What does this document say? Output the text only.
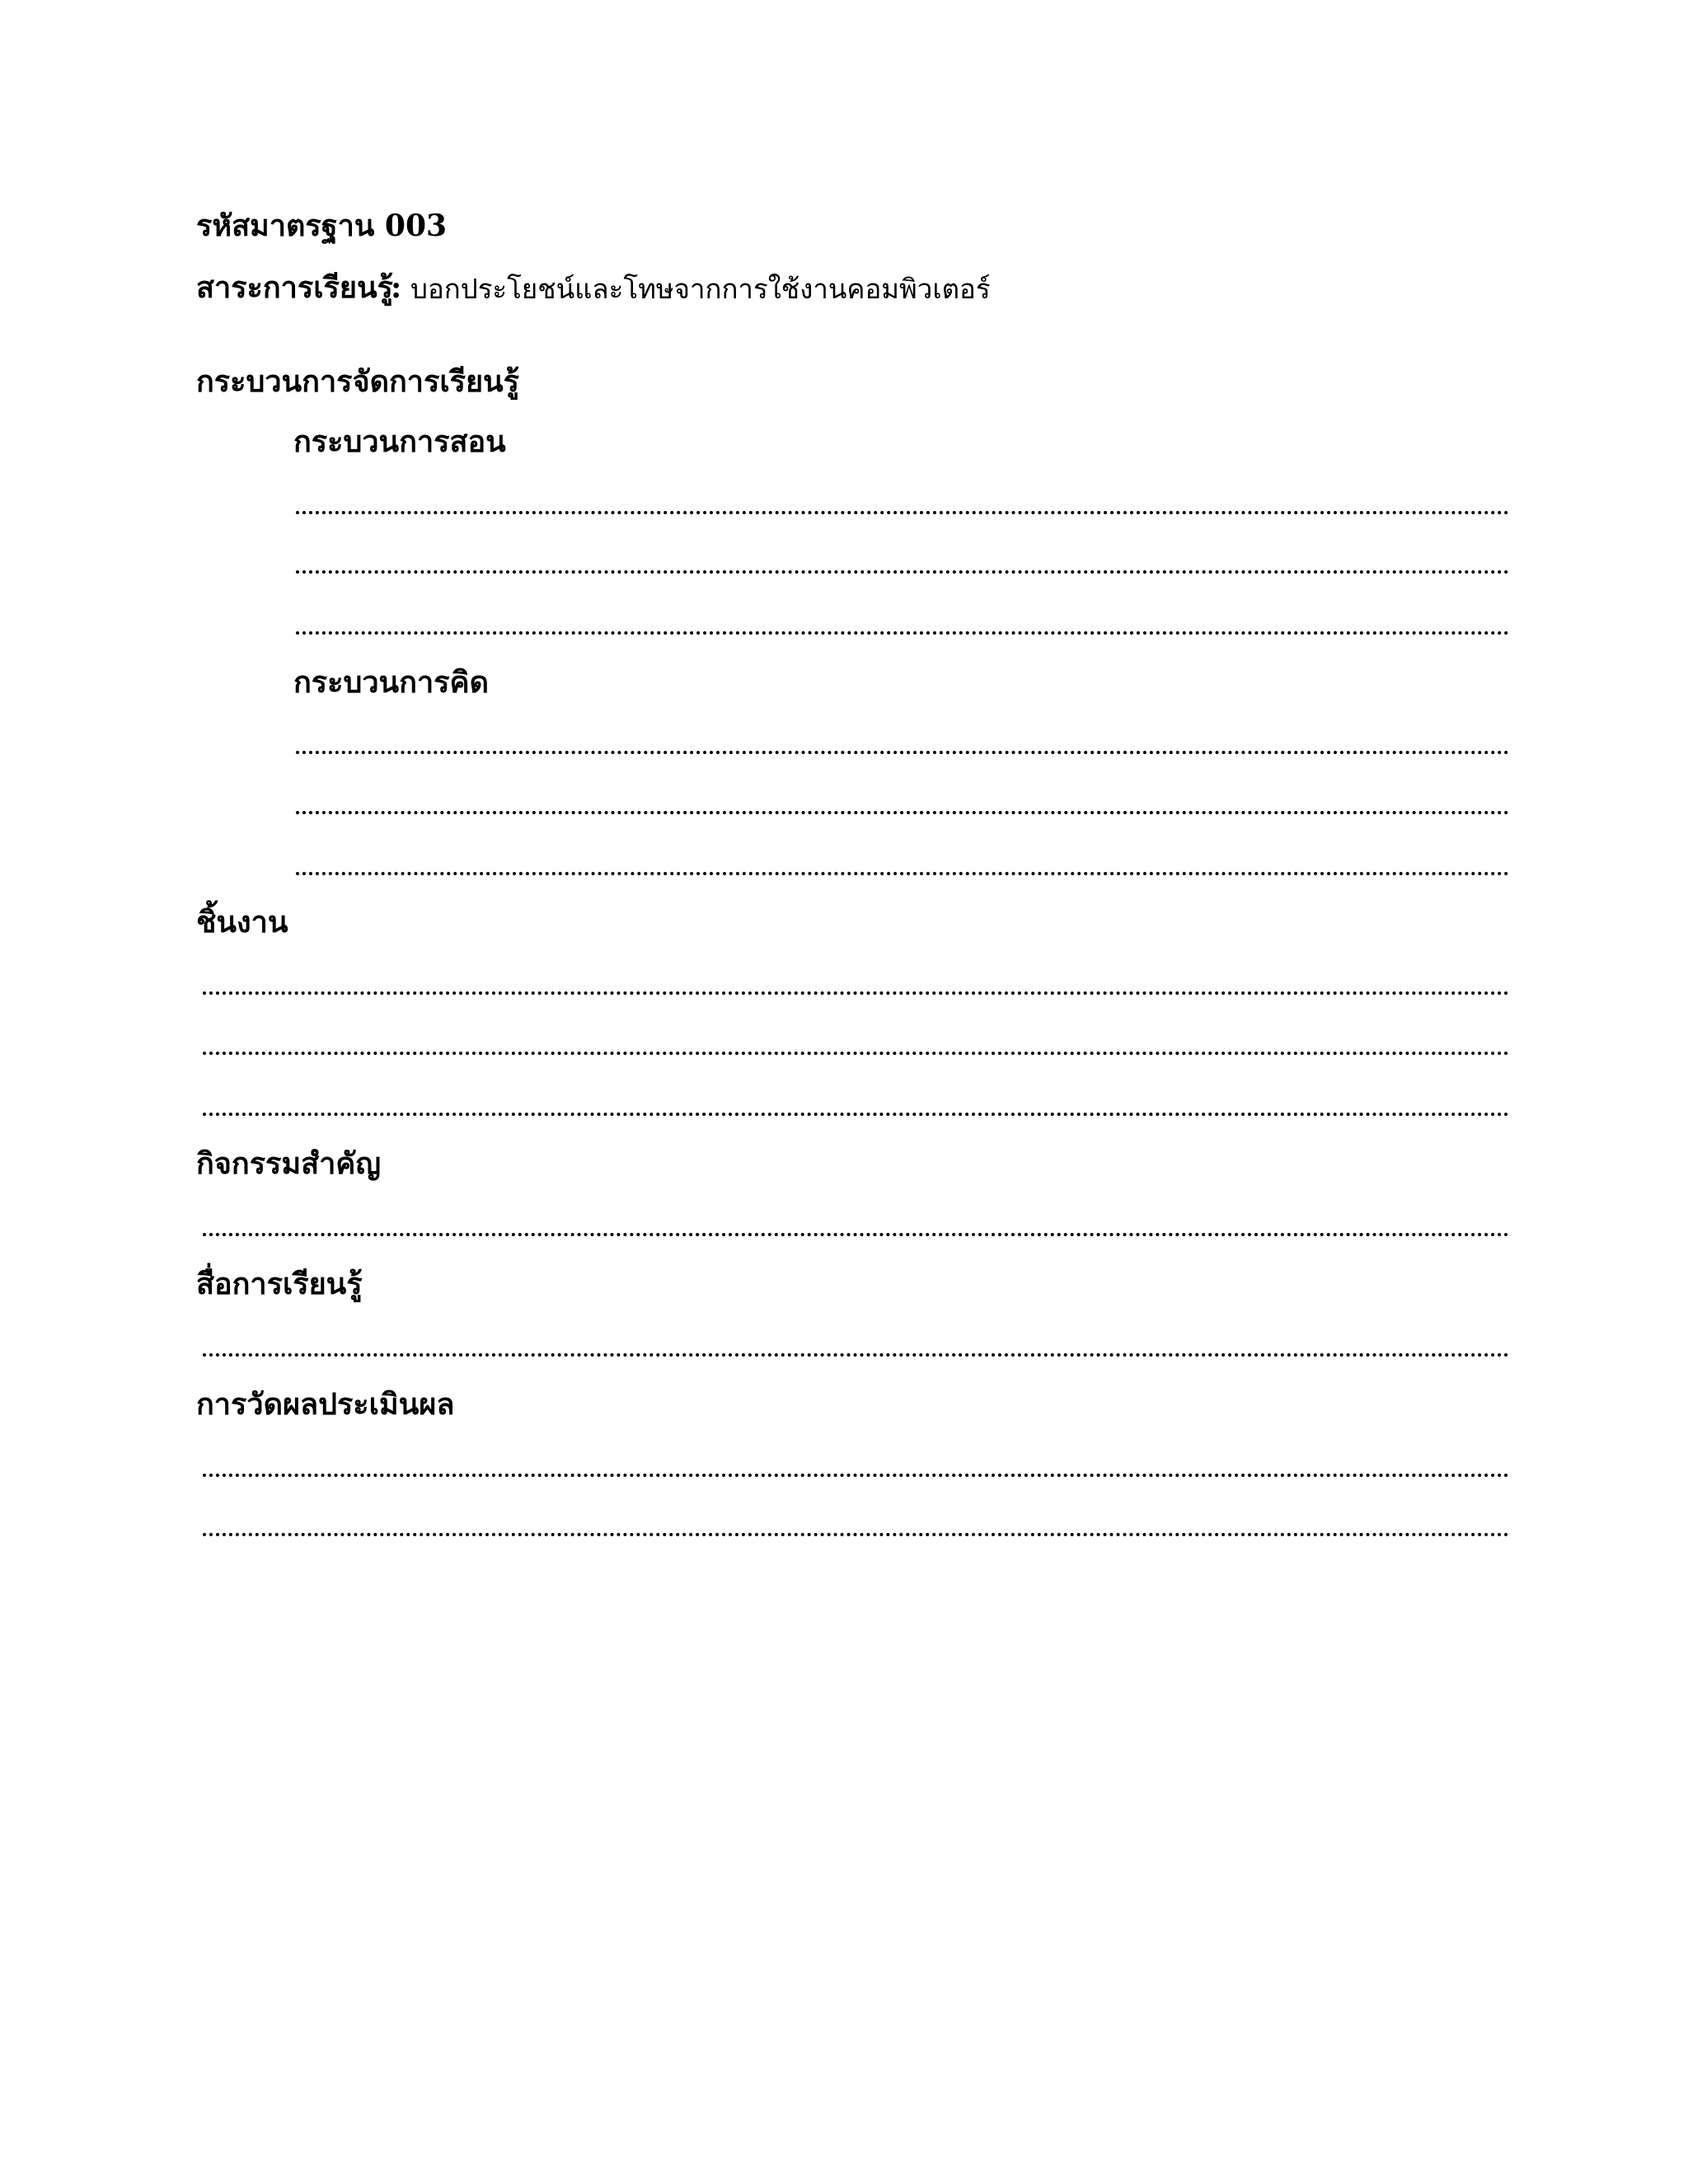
รหัสมาตรฐาน 003
สาระการเรียนรู้
: บอกประโยชน์และโทษจากการใช้งานคอมพิวเตอร์
กระบวนการจัดการเรียนรู้
กระบวนการสอน
กระบวนการคิด
ชิ้นงาน
กิจกรรมสำคัญ
สื่อการเรียนรู้
การวัดผลประเมินผล
